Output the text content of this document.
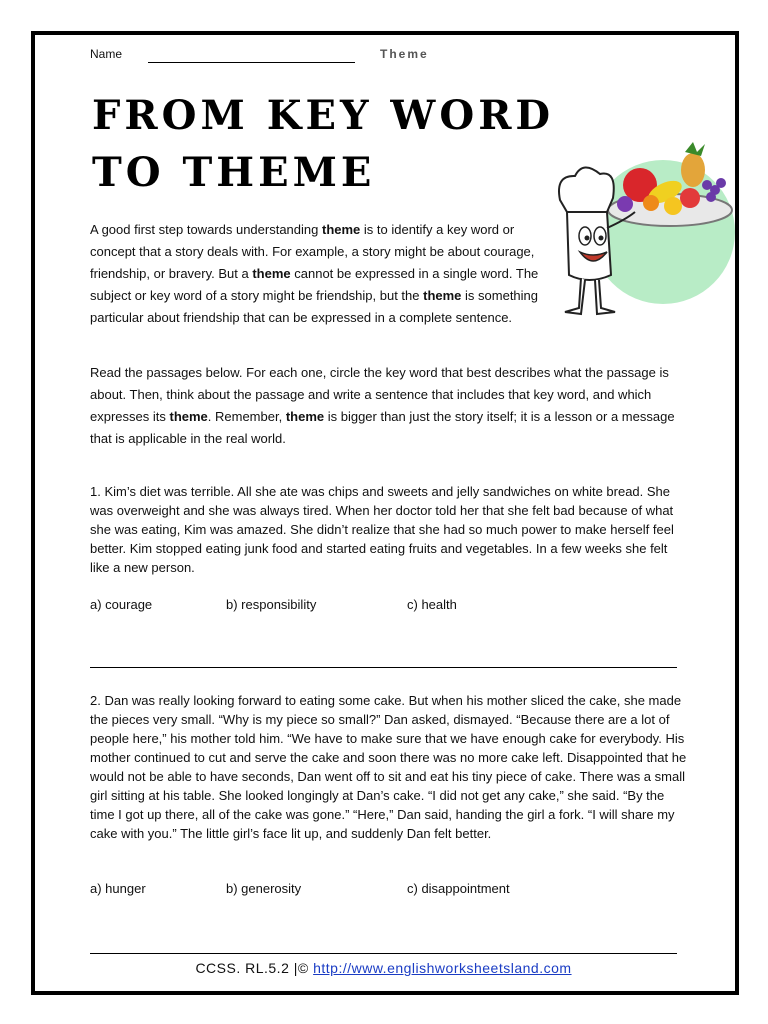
Name	Theme
FROM KEY WORD
TO THEME
A good first step towards understanding theme is to identify a key word or concept that a story deals with. For example, a story might be about courage, friendship, or bravery. But a theme cannot be expressed in a single word. The subject or key word of a story might be friendship, but the theme is something particular about friendship that can be expressed in a complete sentence.
Read the passages below. For each one, circle the key word that best describes what the passage is about. Then, think about the passage and write a sentence that includes that key word, and which expresses its theme. Remember, theme is bigger than just the story itself; it is a lesson or a message that is applicable in the real world.
1. Kim’s diet was terrible. All she ate was chips and sweets and jelly sandwiches on white bread. She was overweight and she was always tired. When her doctor told her that she felt bad because of what she was eating, Kim was amazed. She didn’t realize that she had so much power to make herself feel better. Kim stopped eating junk food and started eating fruits and vegetables. In a few weeks she felt like a new person.
a) courage	b) responsibility	c) health
2. Dan was really looking forward to eating some cake. But when his mother sliced the cake, she made the pieces very small. “Why is my piece so small?” Dan asked, dismayed. “Because there are a lot of people here,” his mother told him. “We have to make sure that we have enough cake for everybody. His mother continued to cut and serve the cake and soon there was no more cake left. Disappointed that he would not be able to have seconds, Dan went off to sit and eat his tiny piece of cake. There was a small girl sitting at his table. She looked longingly at Dan’s cake. “I did not get any cake,” she said. “By the time I got up there, all of the cake was gone.” “Here,” Dan said, handing the girl a fork. “I will share my cake with you.” The little girl’s face lit up, and suddenly Dan felt better.
a) hunger	b) generosity	c) disappointment
CCSS. RL.5.2 |© http://www.englishworksheetsland.com
